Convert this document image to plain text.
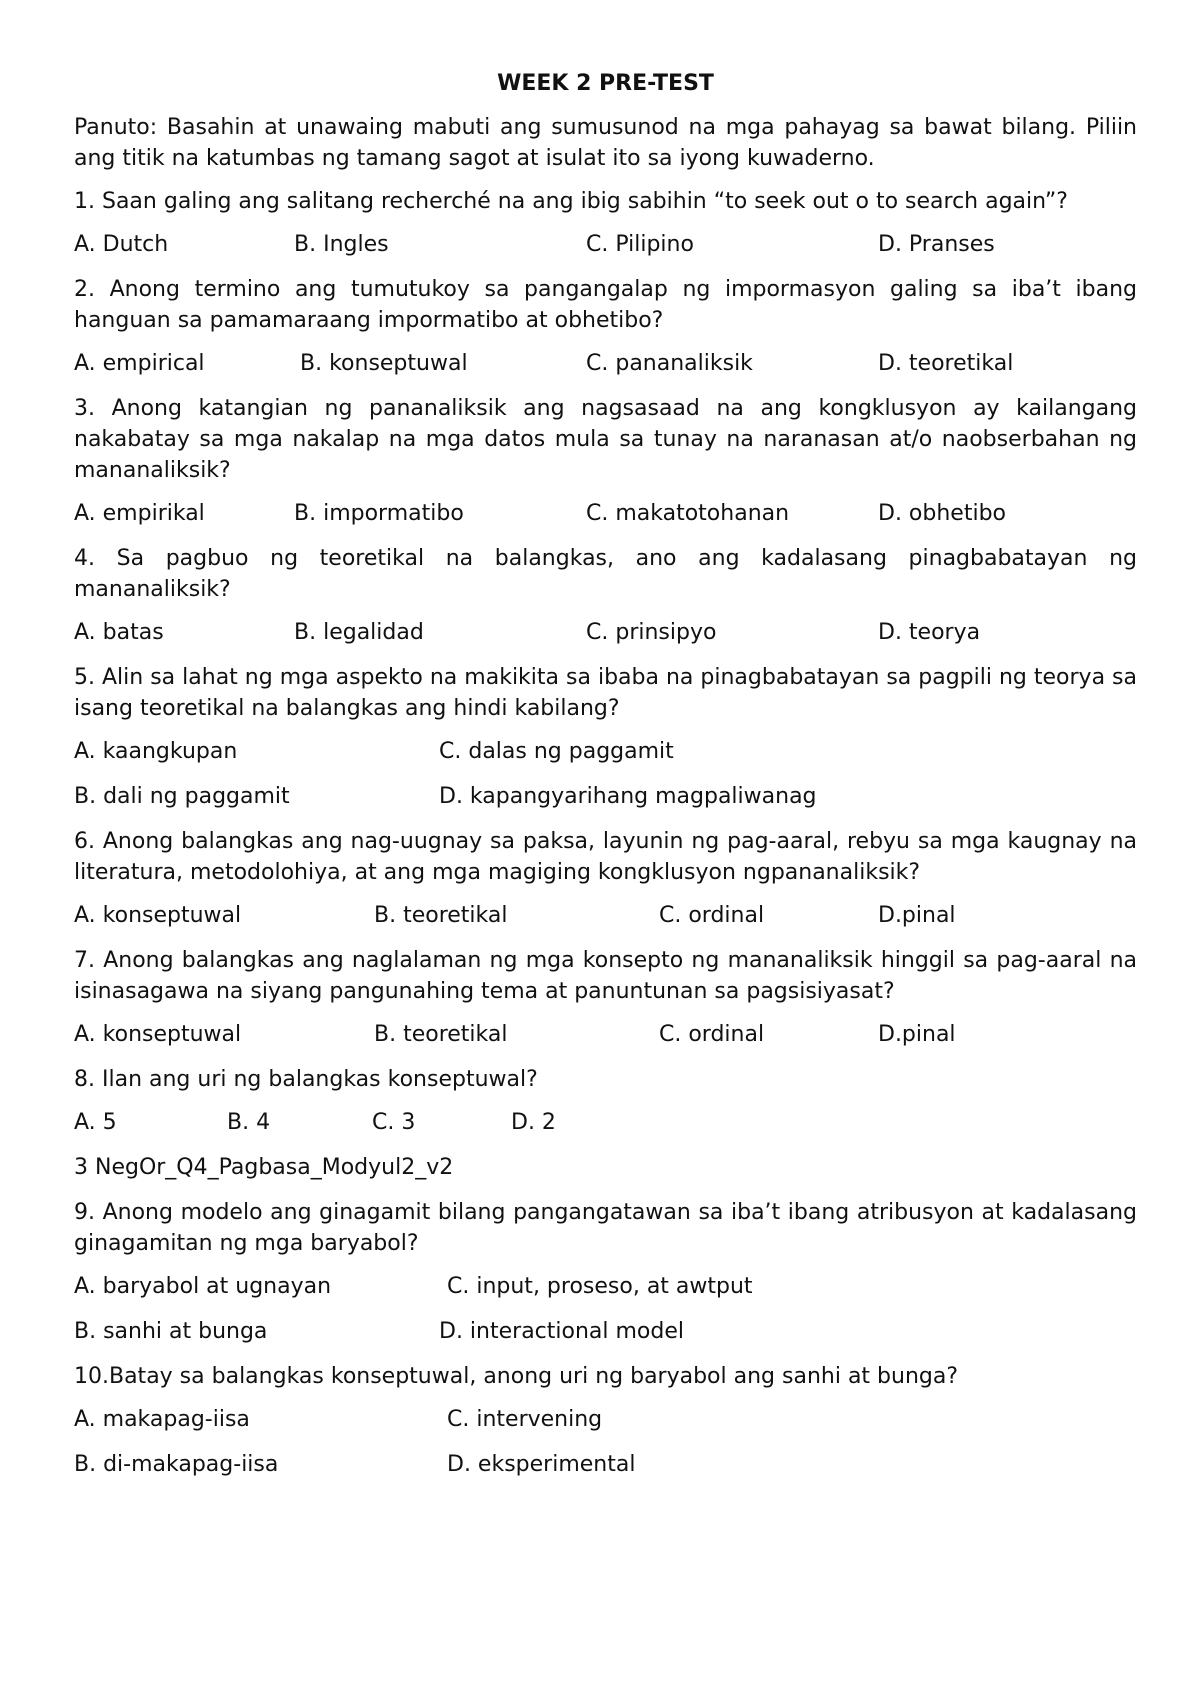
WEEK 2 PRE-TEST
Panuto: Basahin at unawaing mabuti ang sumusunod na mga pahayag sa bawat bilang. Piliin ang titik na katumbas ng tamang sagot at isulat ito sa iyong kuwaderno.
1. Saan galing ang salitang recherché na ang ibig sabihin “to seek out o to search again”?
A. Dutch	B. Ingles	C. Pilipino	D. Pranses
2. Anong termino ang tumutukoy sa pangangalap ng impormasyon galing sa iba’t ibang hanguan sa pamamaraang impormatibo at obhetibo?
A. empirical	B. konseptuwal	C. pananaliksik	D. teoretikal
3. Anong katangian ng pananaliksik ang nagsasaad na ang kongklusyon ay kailangang nakabatay sa mga nakalap na mga datos mula sa tunay na naranasan at/o naobserbahan ng mananaliksik?
A. empirikal	B. impormatibo	C. makatotohanan	D. obhetibo
4. Sa pagbuo ng teoretikal na balangkas, ano ang kadalasang pinagbabatayan ng mananaliksik?
A. batas	B. legalidad	C. prinsipyo	D. teorya
5. Alin sa lahat ng mga aspekto na makikita sa ibaba na pinagbabatayan sa pagpili ng teorya sa isang teoretikal na balangkas ang hindi kabilang?
A. kaangkupan	C. dalas ng paggamit
B. dali ng paggamit	D. kapangyarihang magpaliwanag
6. Anong balangkas ang nag-uugnay sa paksa, layunin ng pag-aaral, rebyu sa mga kaugnay na literatura, metodolohiya, at ang mga magiging kongklusyon ngpananaliksik?
A. konseptuwal	B. teoretikal	C. ordinal	D.pinal
7. Anong balangkas ang naglalaman ng mga konsepto ng mananaliksik hinggil sa pag-aaral na isinasagawa na siyang pangunahing tema at panuntunan sa pagsisiyasat?
A. konseptuwal	B. teoretikal	C. ordinal	D.pinal
8. Ilan ang uri ng balangkas konseptuwal?
A. 5	B. 4	C. 3	D. 2
3 NegOr_Q4_Pagbasa_Modyul2_v2
9. Anong modelo ang ginagamit bilang pangangatawan sa iba’t ibang atribusyon at kadalasang ginagamitan ng mga baryabol?
A. baryabol at ugnayan	C. input, proseso, at awtput
B. sanhi at bunga	D. interactional model
10.Batay sa balangkas konseptuwal, anong uri ng baryabol ang sanhi at bunga?
A. makapag-iisa	C. intervening
B. di-makapag-iisa	D. eksperimental
